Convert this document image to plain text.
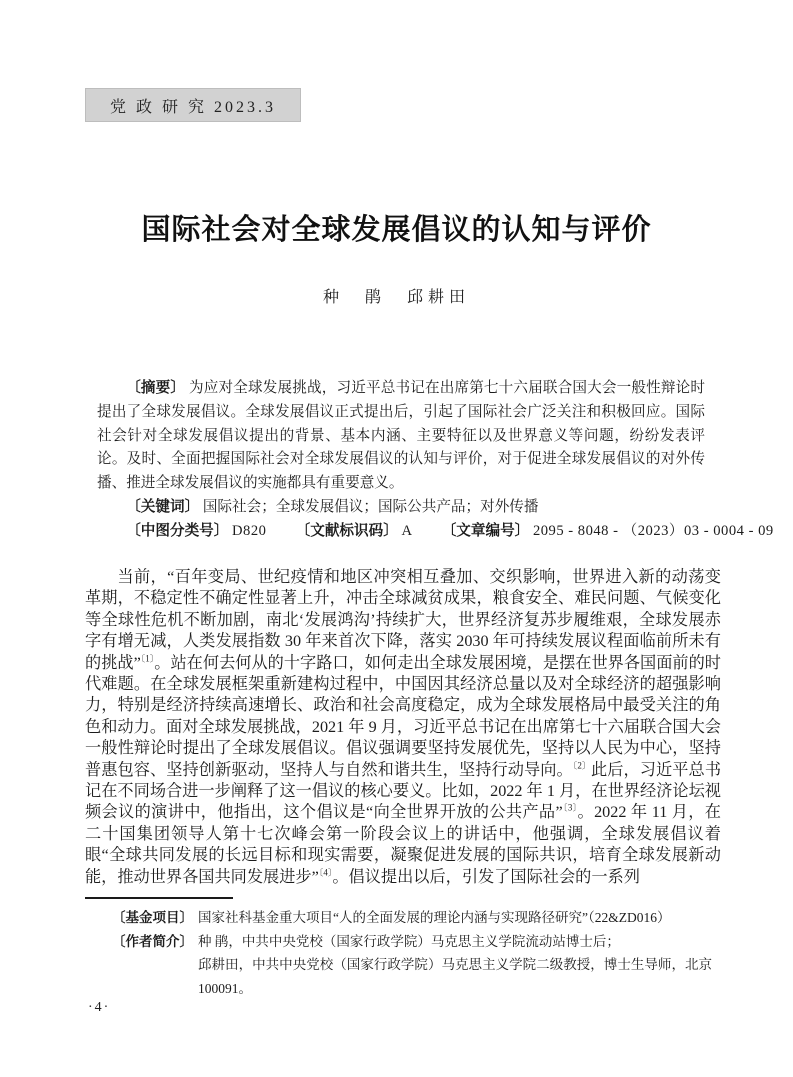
党 政 研 究 2023.3
国际社会对全球发展倡议的认知与评价
种　鹃　邱耕田

〔摘要〕 为应对全球发展挑战，习近平总书记在出席第七十六届联合国大会一般性辩论时提出了全球发展倡议。全球发展倡议正式提出后，引起了国际社会广泛关注和积极回应。国际社会针对全球发展倡议提出的背景、基本内涵、主要特征以及世界意义等问题，纷纷发表评论。及时、全面把握国际社会对全球发展倡议的认知与评价，对于促进全球发展倡议的对外传播、推进全球发展倡议的实施都具有重要意义。

〔关键词〕 国际社会；全球发展倡议；国际公共产品；对外传播

〔中图分类号〕 D820 〔文献标识码〕 A 〔文章编号〕 2095 - 8048 - （2023）03 - 0004 - 09

当前，“百年变局、世纪疫情和地区冲突相互叠加、交织影响，世界进入新的动荡变革期，不稳定性不确定性显著上升，冲击全球减贫成果，粮食安全、难民问题、气候变化等全球性危机不断加剧，南北‘发展鸿沟’持续扩大，世界经济复苏步履维艰，全球发展赤字有增无减，人类发展指数 30 年来首次下降，落实 2030 年可持续发展议程面临前所未有的挑战”$^{〔1〕}$。站在何去何从的十字路口，如何走出全球发展困境，是摆在世界各国面前的时代难题。在全球发展框架重新建构过程中，中国因其经济总量以及对全球经济的超强影响力，特别是经济持续高速增长、政治和社会高度稳定，成为全球发展格局中最受关注的角色和动力。面对全球发展挑战，2021 年 9 月，习近平总书记在出席第七十六届联合国大会一般性辩论时提出了全球发展倡议。倡议强调要坚持发展优先，坚持以人民为中心，坚持普惠包容、坚持创新驱动，坚持人与自然和谐共生，坚持行动导向。$^{〔2〕}$此后，习近平总书记在不同场合进一步阐释了这一倡议的核心要义。比如，2022 年 1 月，在世界经济论坛视频会议的演讲中，他指出，这个倡议是“向全世界开放的公共产品”$^{〔3〕}$。2022 年 11 月，在二十国集团领导人第十七次峰会第一阶段会议上的讲话中，他强调，全球发展倡议着眼“全球共同发展的长远目标和现实需要，凝聚促进发展的国际共识，培育全球发展新动能，推动世界各国共同发展进步”$^{〔4〕}$。倡议提出以后，引发了国际社会的一系列

〔基金项目〕 国家社科基金重大项目“人的全面发展的理论内涵与实现路径研究”（22&ZD016）
〔作者简介〕 种 鹃，中共中央党校（国家行政学院）马克思主义学院流动站博士后；
邱耕田，中共中央党校（国家行政学院）马克思主义学院二级教授，博士生导师，北京 100091。
·4·
